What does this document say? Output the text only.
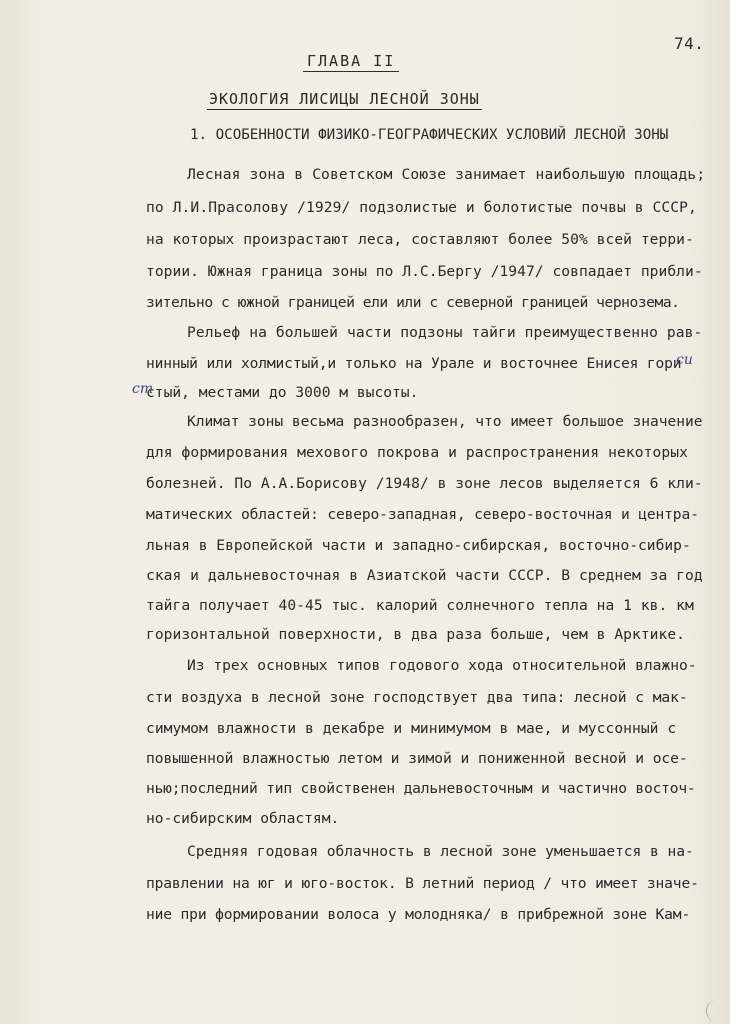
74.
ГЛАВА II
ЭКОЛОГИЯ ЛИСИЦЫ ЛЕСНОЙ ЗОНЫ
1. ОСОБЕННОСТИ ФИЗИКО-ГЕОГРАФИЧЕСКИХ УСЛОВИЙ ЛЕСНОЙ ЗОНЫ
Лесная зона в Советском Союзе занимает наибольшую площадь;
по Л.И.Прасолову /1929/ подзолистые и болотистые почвы в СССР,
на которых произрастают леса, составляют более 50% всей терри-
тории. Южная граница зоны по Л.С.Бергу /1947/ совпадает прибли-
зительно с южной границей ели или с северной границей чернозема.
Рельеф на большей части подзоны тайги преимущественно рав-
нинный или холмистый,и только на Урале и восточнее Енисея гори
стый, местами до 3000 м высоты.
си
ст
Климат зоны весьма разнообразен, что имеет большое значение
для формирования мехового покрова и распространения некоторых
болезней. По А.А.Борисову /1948/ в зоне лесов выделяется 6 кли-
матических областей: северо-западная, северо-восточная и центра-
льная в Европейской части и западно-сибирская, восточно-сибир-
ская и дальневосточная в Азиатской части СССР. В среднем за год
тайга получает 40-45 тыс. калорий солнечного тепла на 1 кв. км
горизонтальной поверхности, в два раза больше, чем в Арктике.
Из трех основных типов годового хода относительной влажно-
сти воздуха в лесной зоне господствует два типа: лесной с мак-
симумом влажности в декабре и минимумом в мае, и муссонный с
повышенной влажностью летом и зимой и пониженной весной и осе-
нью;последний тип свойственен дальневосточным и частично восточ-
но-сибирским областям.
Средняя годовая облачность в лесной зоне уменьшается в на-
правлении на юг и юго-восток. В летний период / что имеет значе-
ние при формировании волоса у молодняка/ в прибрежной зоне Кам-
